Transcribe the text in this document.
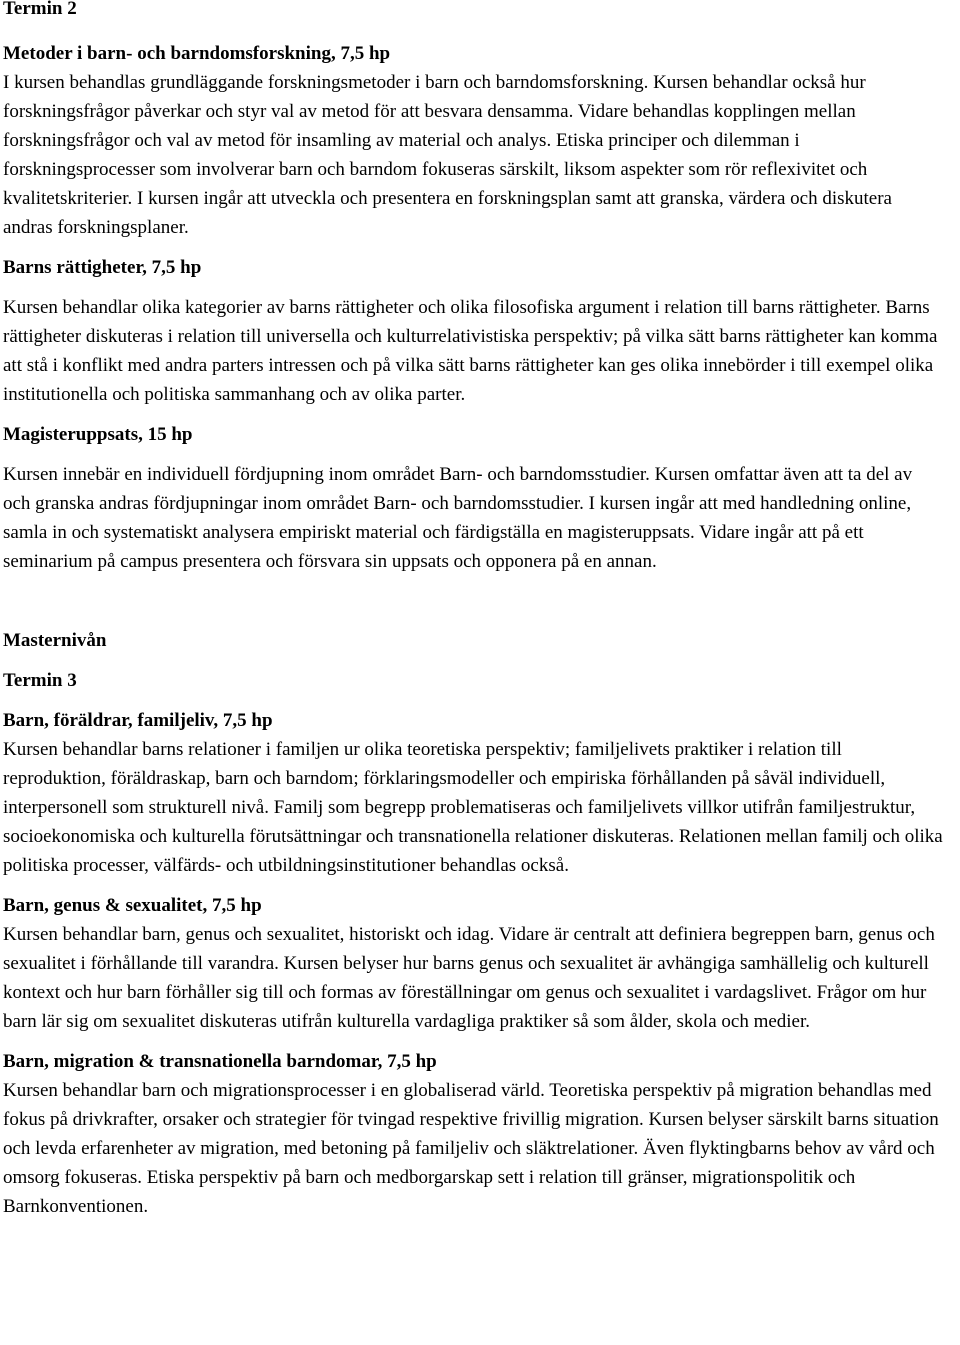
Termin 2
Metoder i barn- och barndomsforskning, 7,5 hp
I kursen behandlas grundläggande forskningsmetoder i barn och barndomsforskning. Kursen behandlar också hur forskningsfrågor påverkar och styr val av metod för att besvara densamma. Vidare behandlas kopplingen mellan forskningsfrågor och val av metod för insamling av material och analys. Etiska principer och dilemman i forskningsprocesser som involverar barn och barndom fokuseras särskilt, liksom aspekter som rör reflexivitet och kvalitetskriterier. I kursen ingår att utveckla och presentera en forskningsplan samt att granska, värdera och diskutera andras forskningsplaner.
Barns rättigheter, 7,5 hp
Kursen behandlar olika kategorier av barns rättigheter och olika filosofiska argument i relation till barns rättigheter. Barns rättigheter diskuteras i relation till universella och kulturrelativistiska perspektiv; på vilka sätt barns rättigheter kan komma att stå i konflikt med andra parters intressen och på vilka sätt barns rättigheter kan ges olika innebörder i till exempel olika institutionella och politiska sammanhang och av olika parter.
Magisteruppsats, 15 hp
Kursen innebär en individuell fördjupning inom området Barn- och barndomsstudier. Kursen omfattar även att ta del av och granska andras fördjupningar inom området Barn- och barndomsstudier. I kursen ingår att med handledning online, samla in och systematiskt analysera empiriskt material och färdigställa en magisteruppsats. Vidare ingår att på ett seminarium på campus presentera och försvara sin uppsats och opponera på en annan.
Masternivån
Termin 3
Barn, föräldrar, familjeliv, 7,5 hp
Kursen behandlar barns relationer i familjen ur olika teoretiska perspektiv; familjelivets praktiker i relation till reproduktion, föräldraskap, barn och barndom; förklaringsmodeller och empiriska förhållanden på såväl individuell, interpersonell som strukturell nivå. Familj som begrepp problematiseras och familjelivets villkor utifrån familjestruktur, socioekonomiska och kulturella förutsättningar och transnationella relationer diskuteras. Relationen mellan familj och olika politiska processer, välfärds- och utbildningsinstitutioner behandlas också.
Barn, genus & sexualitet, 7,5 hp
Kursen behandlar barn, genus och sexualitet, historiskt och idag. Vidare är centralt att definiera begreppen barn, genus och sexualitet i förhållande till varandra. Kursen belyser hur barns genus och sexualitet är avhängiga samhällelig och kulturell kontext och hur barn förhåller sig till och formas av föreställningar om genus och sexualitet i vardagslivet. Frågor om hur barn lär sig om sexualitet diskuteras utifrån kulturella vardagliga praktiker så som ålder, skola och medier.
Barn, migration & transnationella barndomar, 7,5 hp
Kursen behandlar barn och migrationsprocesser i en globaliserad värld. Teoretiska perspektiv på migration behandlas med fokus på drivkrafter, orsaker och strategier för tvingad respektive frivillig migration. Kursen belyser särskilt barns situation och levda erfarenheter av migration, med betoning på familjeliv och släktrelationer. Även flyktingbarns behov av vård och omsorg fokuseras. Etiska perspektiv på barn och medborgarskap sett i relation till gränser, migrationspolitik och Barnkonventionen.
